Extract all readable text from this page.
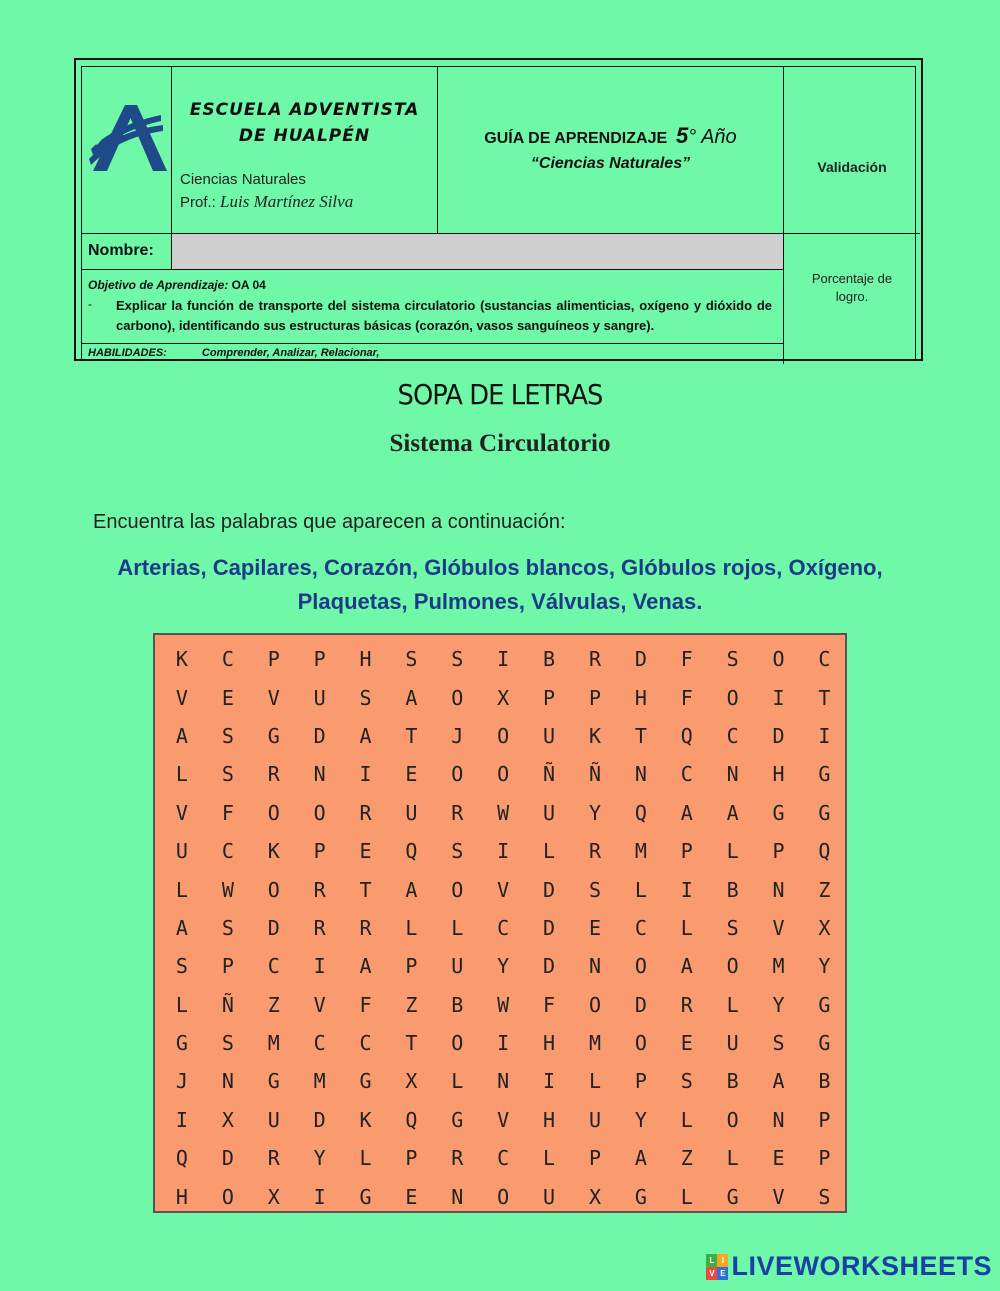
ESCUELA ADVENTISTA
DE HUALPÉN
Ciencias Naturales
Prof.: Luis Martínez Silva
GUÍA DE APRENDIZAJE 5° Año
“Ciencias Naturales”	Validación
Nombre:
Porcentaje de
logro.
Objetivo de Aprendizaje: OA 04
- Explicar la función de transporte del sistema circulatorio (sustancias alimenticias, oxígeno y dióxido de carbono), identificando sus estructuras básicas (corazón, vasos sanguíneos y sangre).
HABILIDADES:	Comprender, Analizar, Relacionar,
SOPA DE LETRAS
Sistema Circulatorio
Encuentra las palabras que aparecen a continuación:
Arterias, Capilares, Corazón, Glóbulos blancos, Glóbulos rojos, Oxígeno,
Plaquetas, Pulmones, Válvulas, Venas.
K	C	P	P	H	S	S	I	B	R	D	F	S	O	C
V	E	V	U	S	A	O	X	P	P	H	F	O	I	T
A	S	G	D	A	T	J	O	U	K	T	Q	C	D	I
L	S	R	N	I	E	O	O	Ñ	Ñ	N	C	N	H	G
V	F	O	O	R	U	R	W	U	Y	Q	A	A	G	G
U	C	K	P	E	Q	S	I	L	R	M	P	L	P	Q
L	W	O	R	T	A	O	V	D	S	L	I	B	N	Z
A	S	D	R	R	L	L	C	D	E	C	L	S	V	X
S	P	C	I	A	P	U	Y	D	N	O	A	O	M	Y
L	Ñ	Z	V	F	Z	B	W	F	O	D	R	L	Y	G
G	S	M	C	C	T	O	I	H	M	O	E	U	S	G
J	N	G	M	G	X	L	N	I	L	P	S	B	A	B
I	X	U	D	K	Q	G	V	H	U	Y	L	O	N	P
Q	D	R	Y	L	P	R	C	L	P	A	Z	L	E	P
H	O	X	I	G	E	N	O	U	X	G	L	G	V	S
L I
V E LIVEWORKSHEETS
